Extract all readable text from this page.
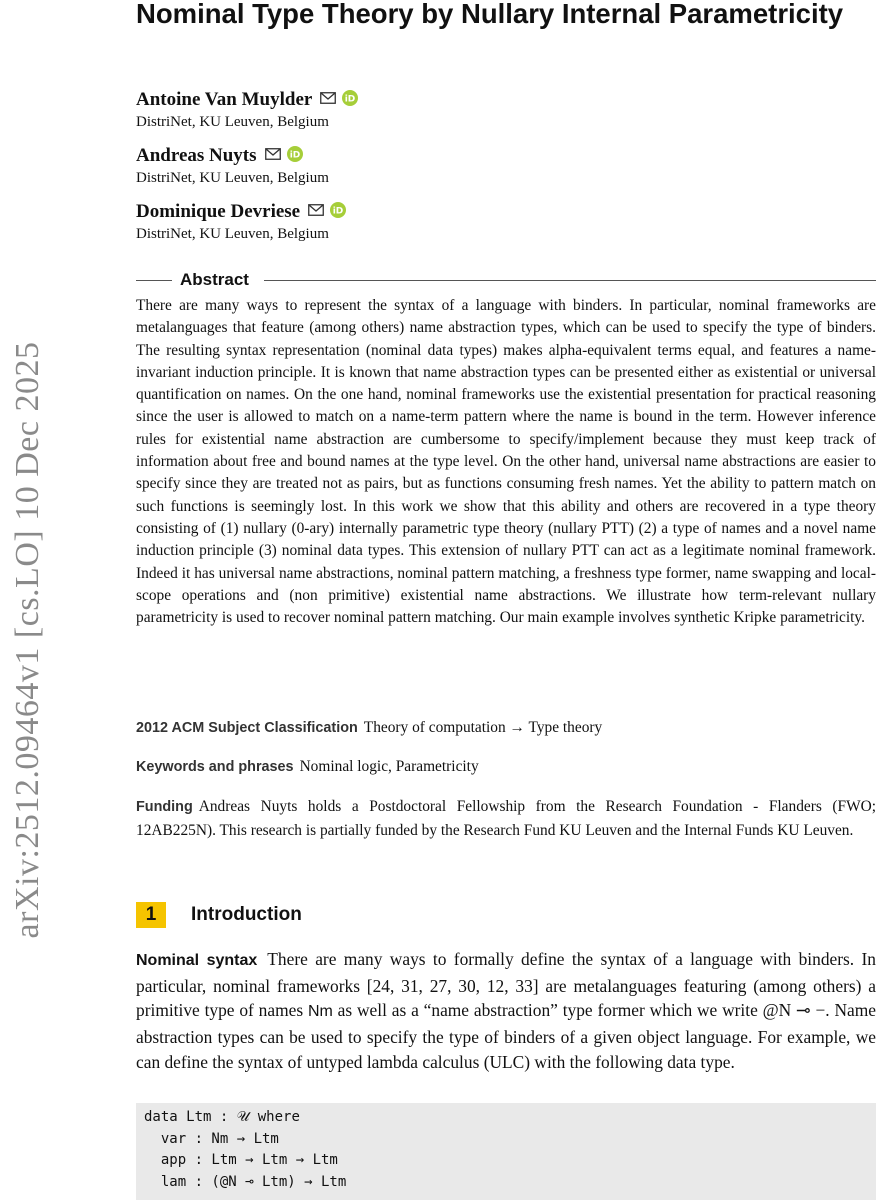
arXiv:2512.09464v1 [cs.LO] 10 Dec 2025
Nominal Type Theory by Nullary Internal Parametricity
Antoine Van Muylder	iD
DistriNet, KU Leuven, Belgium
Andreas Nuyts	iD
DistriNet, KU Leuven, Belgium
Dominique Devriese	iD
DistriNet, KU Leuven, Belgium
Abstract

There are many ways to represent the syntax of a language with binders. In particular, nominal frameworks are metalanguages that feature (among others) name abstraction types, which can be used to specify the type of binders. The resulting syntax representation (nominal data types) makes alpha-equivalent terms equal, and features a name-invariant induction principle. It is known that name abstraction types can be presented either as existential or universal quantification on names. On the one hand, nominal frameworks use the existential presentation for practical reasoning since the user is allowed to match on a name-term pattern where the name is bound in the term. However inference rules for existential name abstraction are cumbersome to specify/implement because they must keep track of information about free and bound names at the type level. On the other hand, universal name abstractions are easier to specify since they are treated not as pairs, but as functions consuming fresh names. Yet the ability to pattern match on such functions is seemingly lost. In this work we show that this ability and others are recovered in a type theory consisting of (1) nullary (0-ary) internally parametric type theory (nullary PTT) (2) a type of names and a novel name induction principle (3) nominal data types. This extension of nullary PTT can act as a legitimate nominal framework. Indeed it has universal name abstractions, nominal pattern matching, a freshness type former, name swapping and local-scope operations and (non primitive) existential name abstractions. We illustrate how term-relevant nullary parametricity is used to recover nominal pattern matching. Our main example involves synthetic Kripke parametricity.

2012 ACM Subject Classification Theory of computation → Type theory

Keywords and phrases Nominal logic, Parametricity

Funding Andreas Nuyts holds a Postdoctoral Fellowship from the Research Foundation - Flanders (FWO; 12AB225N). This research is partially funded by the Research Fund KU Leuven and the Internal Funds KU Leuven.

1	Introduction

Nominal syntax There are many ways to formally define the syntax of a language with binders. In particular, nominal frameworks [24, 31, 27, 30, 12, 33] are metalanguages featuring (among others) a primitive type of names Nm as well as a “name abstraction” type former which we write @N ⊸ −. Name abstraction types can be used to specify the type of binders of a given object language. For example, we can define the syntax of untyped lambda calculus (ULC) with the following data type.

data Ltm : 𝒰 where
var : Nm → Ltm
app : Ltm → Ltm → Ltm
lam : (@N ⊸ Ltm) → Ltm
